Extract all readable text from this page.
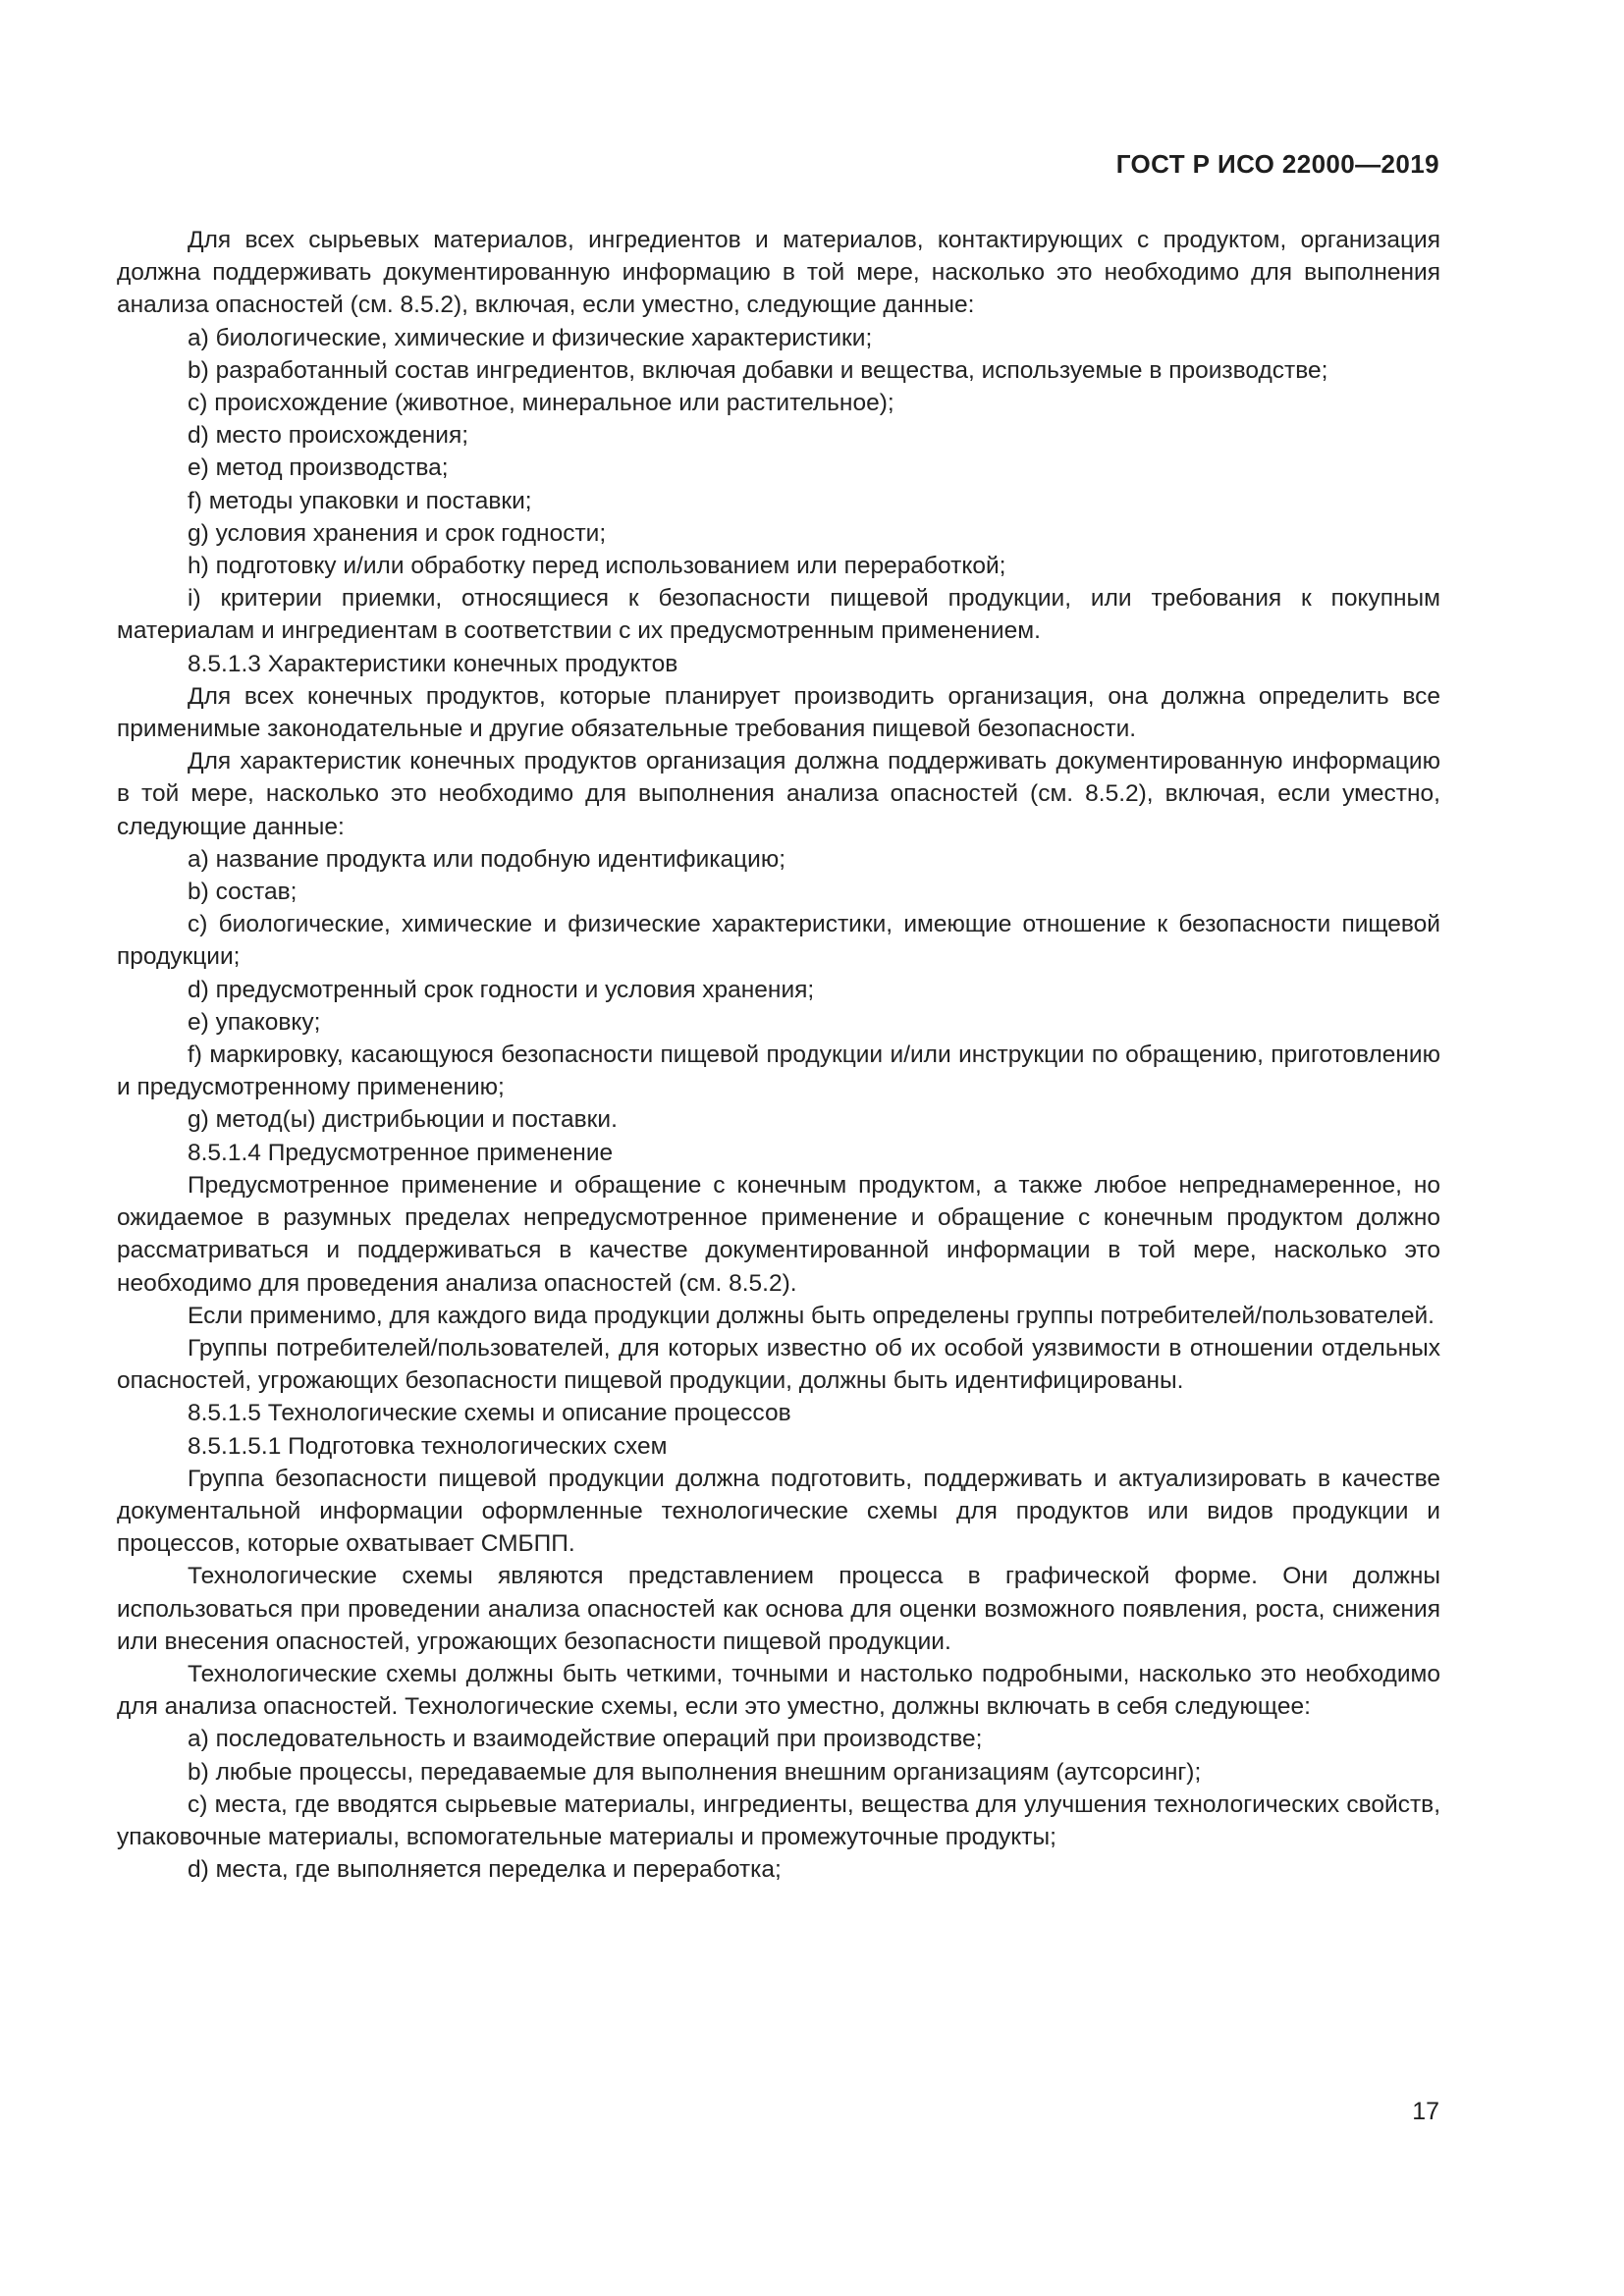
ГОСТ Р ИСО 22000—2019

Для всех сырьевых материалов, ингредиентов и материалов, контактирующих с продуктом, организация должна поддерживать документированную информацию в той мере, насколько это необходимо для выполнения анализа опасностей (см. 8.5.2), включая, если уместно, следующие данные:

a) биологические, химические и физические характеристики;

b) разработанный состав ингредиентов, включая добавки и вещества, используемые в производстве;

c) происхождение (животное, минеральное или растительное);

d) место происхождения;

e) метод производства;

f) методы упаковки и поставки;

g) условия хранения и срок годности;

h) подготовку и/или обработку перед использованием или переработкой;

i) критерии приемки, относящиеся к безопасности пищевой продукции, или требования к покупным материалам и ингредиентам в соответствии с их предусмотренным применением.

8.5.1.3 Характеристики конечных продуктов

Для всех конечных продуктов, которые планирует производить организация, она должна определить все применимые законодательные и другие обязательные требования пищевой безопасности.

Для характеристик конечных продуктов организация должна поддерживать документированную информацию в той мере, насколько это необходимо для выполнения анализа опасностей (см. 8.5.2), включая, если уместно, следующие данные:

a) название продукта или подобную идентификацию;

b) состав;

c) биологические, химические и физические характеристики, имеющие отношение к безопасности пищевой продукции;

d) предусмотренный срок годности и условия хранения;

e) упаковку;

f) маркировку, касающуюся безопасности пищевой продукции и/или инструкции по обращению, приготовлению и предусмотренному применению;

g) метод(ы) дистрибьюции и поставки.

8.5.1.4 Предусмотренное применение

Предусмотренное применение и обращение с конечным продуктом, а также любое непреднамеренное, но ожидаемое в разумных пределах непредусмотренное применение и обращение с конечным продуктом должно рассматриваться и поддерживаться в качестве документированной информации в той мере, насколько это необходимо для проведения анализа опасностей (см. 8.5.2).

Если применимо, для каждого вида продукции должны быть определены группы потребителей/пользователей.

Группы потребителей/пользователей, для которых известно об их особой уязвимости в отношении отдельных опасностей, угрожающих безопасности пищевой продукции, должны быть идентифицированы.

8.5.1.5 Технологические схемы и описание процессов

8.5.1.5.1 Подготовка технологических схем

Группа безопасности пищевой продукции должна подготовить, поддерживать и актуализировать в качестве документальной информации оформленные технологические схемы для продуктов или видов продукции и процессов, которые охватывает СМБПП.

Технологические схемы являются представлением процесса в графической форме. Они должны использоваться при проведении анализа опасностей как основа для оценки возможного появления, роста, снижения или внесения опасностей, угрожающих безопасности пищевой продукции.

Технологические схемы должны быть четкими, точными и настолько подробными, насколько это необходимо для анализа опасностей. Технологические схемы, если это уместно, должны включать в себя следующее:

a) последовательность и взаимодействие операций при производстве;

b) любые процессы, передаваемые для выполнения внешним организациям (аутсорсинг);

c) места, где вводятся сырьевые материалы, ингредиенты, вещества для улучшения технологических свойств, упаковочные материалы, вспомогательные материалы и промежуточные продукты;

d) места, где выполняется переделка и переработка;

17
